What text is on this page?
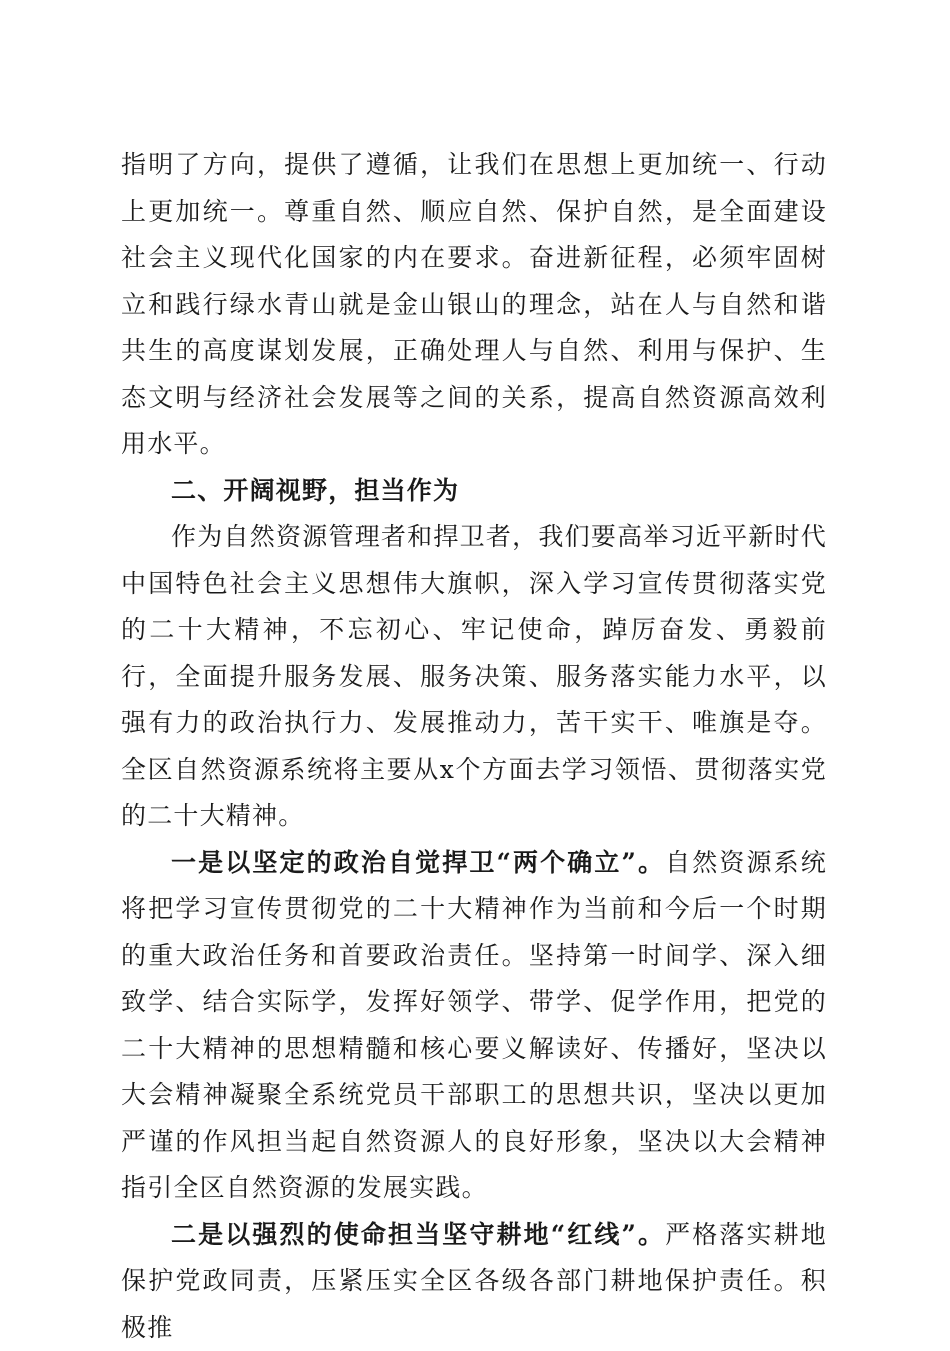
指明了方向，提供了遵循，让我们在思想上更加统一、行动上更加统一。尊重自然、顺应自然、保护自然，是全面建设社会主义现代化国家的内在要求。奋进新征程，必须牢固树立和践行绿水青山就是金山银山的理念，站在人与自然和谐共生的高度谋划发展，正确处理人与自然、利用与保护、生态文明与经济社会发展等之间的关系，提高自然资源高效利用水平。

二、开阔视野，担当作为

作为自然资源管理者和捍卫者，我们要高举习近平新时代中国特色社会主义思想伟大旗帜，深入学习宣传贯彻落实党的二十大精神，不忘初心、牢记使命，踔厉奋发、勇毅前行，全面提升服务发展、服务决策、服务落实能力水平，以强有力的政治执行力、发展推动力，苦干实干、唯旗是夺。全区自然资源系统将主要从x个方面去学习领悟、贯彻落实党的二十大精神。

一是以坚定的政治自觉捍卫“两个确立”。自然资源系统将把学习宣传贯彻党的二十大精神作为当前和今后一个时期的重大政治任务和首要政治责任。坚持第一时间学、深入细致学、结合实际学，发挥好领学、带学、促学作用，把党的二十大精神的思想精髓和核心要义解读好、传播好，坚决以大会精神凝聚全系统党员干部职工的思想共识，坚决以更加严谨的作风担当起自然资源人的良好形象，坚决以大会精神指引全区自然资源的发展实践。

二是以强烈的使命担当坚守耕地“红线”。严格落实耕地保护党政同责，压紧压实全区各级各部门耕地保护责任。积极推
